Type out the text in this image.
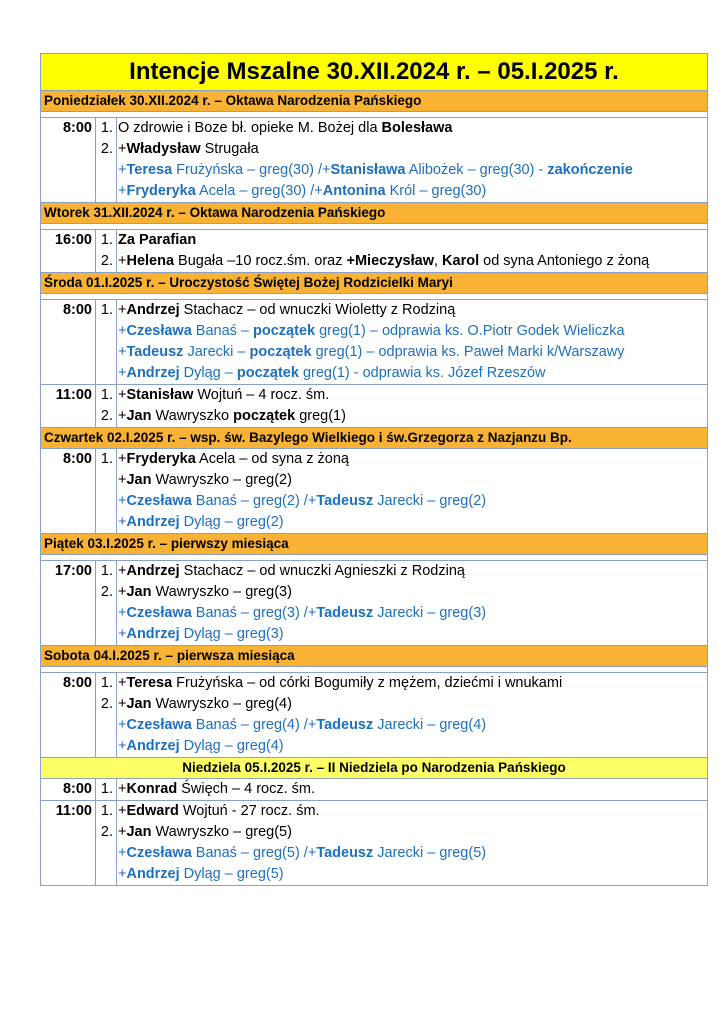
Intencje Mszalne 30.XII.2024 r. – 05.I.2025 r.
Poniedziałek 30.XII.2024 r. – Oktawa Narodzenia Pańskiego
8:00 1.
2.
O zdrowie i Boze bł. opieke M. Bożej dla Bolesława
+Władysław Strugała
+Teresa Frużyńska – greg(30) /+Stanisława Alibożek – greg(30) - zakończenie
+Fryderyka Acela – greg(30) /+Antonina Król – greg(30)
Wtorek 31.XII.2024 r. – Oktawa Narodzenia Pańskiego
16:00 1.
2.
Za Parafian
+Helena Bugała –10 rocz.śm. oraz +Mieczysław, Karol od syna Antoniego z żoną
Środa 01.I.2025 r. – Uroczystość Świętej Bożej Rodzicielki Maryi
8:00 1. +Andrzej Stachacz – od wnuczki Wioletty z Rodziną
+Czesława Banaś – początek greg(1) – odprawia ks. O.Piotr Godek Wieliczka
+Tadeusz Jarecki – początek greg(1) – odprawia ks. Paweł Marki k/Warszawy
+Andrzej Dyląg – początek greg(1) - odprawia ks. Józef Rzeszów
11:00 1.
2.
+Stanisław Wojtuń – 4 rocz. śm.
+Jan Wawryszko początek greg(1)
Czwartek 02.I.2025 r. – wsp. św. Bazylego Wielkiego i św.Grzegorza z Nazjanzu Bp.
8:00 1. +Fryderyka Acela – od syna z żoną
+Jan Wawryszko – greg(2)
+Czesława Banaś – greg(2) /+Tadeusz Jarecki – greg(2)
+Andrzej Dyląg – greg(2)
Piątek 03.I.2025 r. – pierwszy miesiąca
17:00 1.
2.
+Andrzej Stachacz – od wnuczki Agnieszki z Rodziną
+Jan Wawryszko – greg(3)
+Czesława Banaś – greg(3) /+Tadeusz Jarecki – greg(3)
+Andrzej Dyląg – greg(3)
Sobota 04.I.2025 r. – pierwsza miesiąca
8:00 1.
2.
+Teresa Frużyńska – od córki Bogumiły z mężem, dziećmi i wnukami
+Jan Wawryszko – greg(4)
+Czesława Banaś – greg(4) /+Tadeusz Jarecki – greg(4)
+Andrzej Dyląg – greg(4)
Niedziela 05.I.2025 r. – II Niedziela po Narodzenia Pańskiego
8:00 1. +Konrad Święch – 4 rocz. śm.
11:00 1.
2.
+Edward Wojtuń - 27 rocz. śm.
+Jan Wawryszko – greg(5)
+Czesława Banaś – greg(5) /+Tadeusz Jarecki – greg(5)
+Andrzej Dyląg – greg(5)
